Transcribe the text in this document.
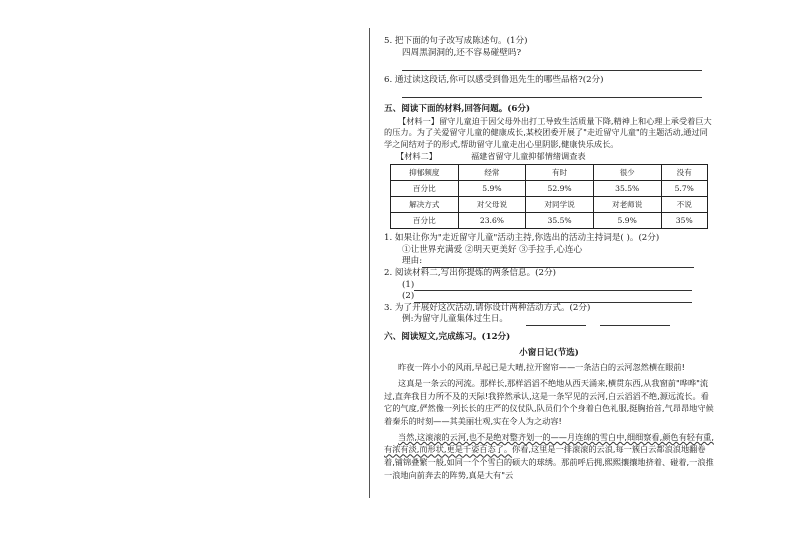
5. 把下面的句子改写成陈述句。(1分)

四周黑洞洞的,还不容易碰壁吗?

6. 通过读这段话,你可以感受到鲁迅先生的哪些品格?(2分)

五、阅读下面的材料,回答问题。(6分)

【材料一】留守儿童迫于因父母外出打工导致生活质量下降,精神上和心理上承受着巨大的压力。为了关爱留守儿童的健康成长,某校团委开展了"走近留守儿童"的主题活动,通过同学之间结对子的形式,帮助留守儿童走出心里阴影,健康快乐成长。

【材料二】	福建省留守儿童抑郁情绪调查表

抑郁频度	经常	有时	很少	没有
百分比	5.9%	52.9%	35.5%	5.7%
解决方式	对父母说	对同学说	对老师说	不说
百分比	23.6%	35.5%	5.9%	35%

1. 如果让你为"走近留守儿童"活动主持,你选出的活动主持词是( )。(2分)

①让世界充满爱 ②明天更美好 ③手拉手,心连心

理由:

2. 阅读材料二,写出你提炼的两条信息。(2分)

(1)

(2)

3. 为了开展好这次活动,请你设计两种活动方式。(2分)

例:为留守儿童集体过生日。

六、阅读短文,完成练习。(12分)

小窗日记(节选)

昨夜一阵小小的风雨,早起已是大晴,拉开窗帘——一条洁白的云河忽然横在眼前!

这真是一条云的河流。那样长,那样滔滔不绝地从西天涌来,横贯东西,从我窗前"哗哗"流过,直奔我目力所不及的天际!我猝然承认,这是一条罕见的云河,白云滔滔不绝,源远流长。看它的气度,俨然像一列长长的庄严的仪仗队,队员们个个身着白色礼服,挺胸抬首,气昂昂地守候着秦乐的时刻——其美丽壮观,实在令人为之动容!

当然,这滚滚的云河,也不是绝对整齐划一的——月连绵的雪白中,细细察看,颜色有轻有重,有浓有淡,而形状,更是千姿百态了。你看,这里是一排滚滚的云浪,每一簇白云都浪浪地翻卷着,铺锦叠繁一般,如同一个个雪白的硕大的球绣。那前呼后拥,熙熙攘攘地挤着、碰着,一浪推一浪地向前奔去的阵势,真是大有"云
